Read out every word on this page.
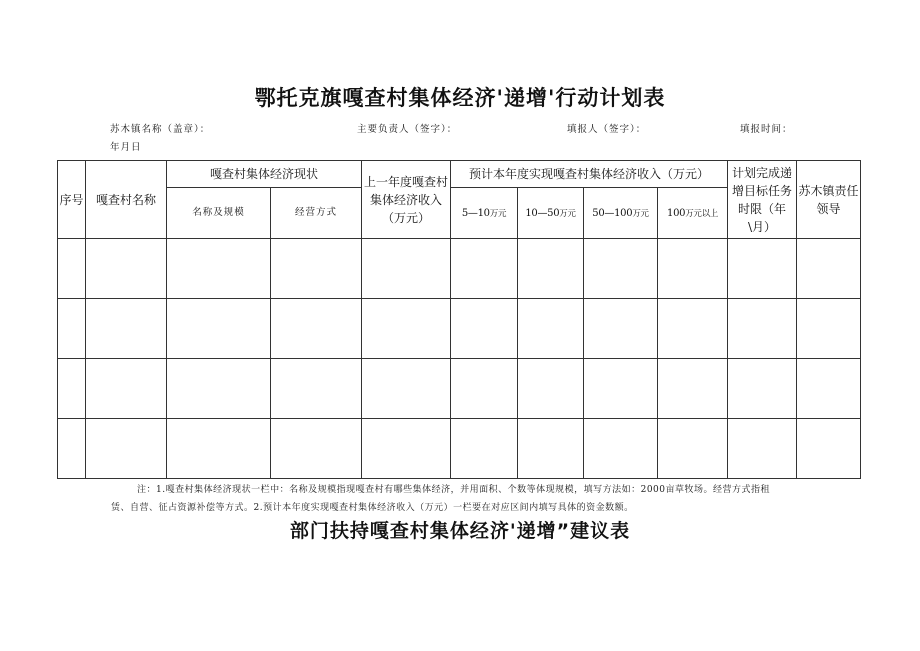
鄂托克旗嘎查村集体经济'递增'行动计划表
苏木镇名称（盖章）：	主要负责人（签字）：	填报人（签字）：	填报时间：
年月日
序号	嘎查村名称	嘎查村集体经济现状		上一年度嘎查村集体经济收入（万元）	预计本年度实现嘎查村集体经济收入（万元）				计划完成递增目标任务时限（年\月）	苏木镇责任领导
		名称及规模	经营方式		5—10万元	10—50万元	50—100万元	100万元以上		

注：1.嘎查村集体经济现状一栏中：名称及规模指现嘎查村有哪些集体经济，并用面积、个数等体现规模，填写方法如：2000亩草牧场。经营方式指租
赁、自营、征占资源补偿等方式。2.预计本年度实现嘎查村集体经济收入（万元）一栏要在对应区间内填写具体的资金数额。
部门扶持嘎查村集体经济'递增”建议表
